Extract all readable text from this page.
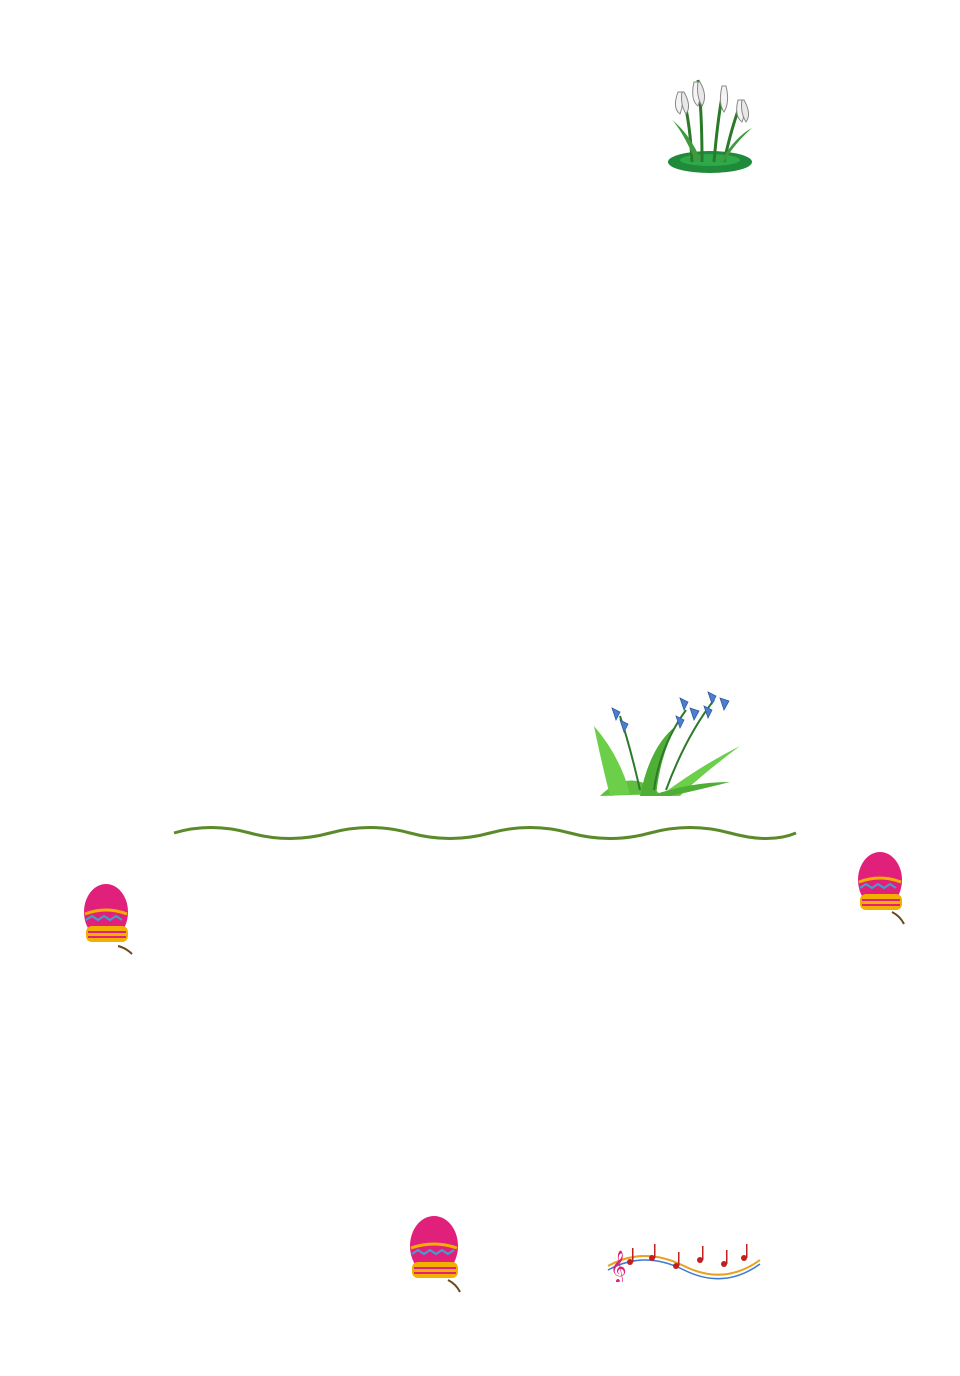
𝄞
